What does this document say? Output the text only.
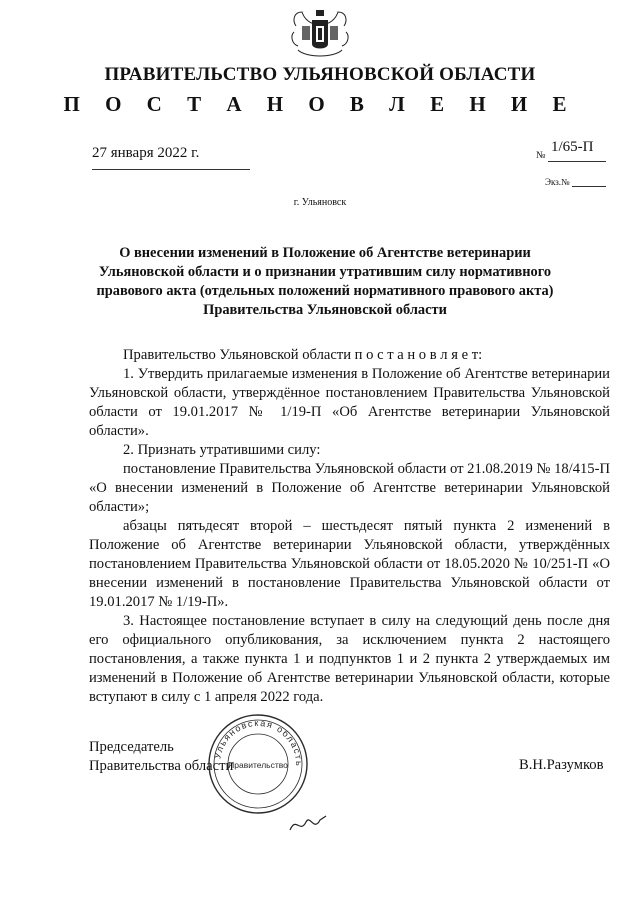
ПРАВИТЕЛЬСТВО УЛЬЯНОВСКОЙ ОБЛАСТИ
П О С Т А Н О В Л Е Н И Е
27 января 2022 г.	№
1/65-П
Экз.№
г. Ульяновск
О внесении изменений в Положение об Агентстве ветеринарии Ульяновской области и о признании утратившим силу нормативного правового акта (отдельных положений нормативного правового акта) Правительства Ульяновской области

Правительство Ульяновской области п о с т а н о в л я е т:

1. Утвердить прилагаемые изменения в Положение об Агентстве ветеринарии Ульяновской области, утверждённое постановлением Правительства Ульяновской области от 19.01.2017 № 1/19-П «Об Агентстве ветеринарии Ульяновской области».

2. Признать утратившими силу:

постановление Правительства Ульяновской области от 21.08.2019 № 18/415-П «О внесении изменений в Положение об Агентстве ветеринарии Ульяновской области»;

абзацы пятьдесят второй – шестьдесят пятый пункта 2 изменений в Положение об Агентстве ветеринарии Ульяновской области, утверждённых постановлением Правительства Ульяновской области от 18.05.2020 № 10/251-П «О внесении изменений в постановление Правительства Ульяновской области от 19.01.2017 № 1/19-П».

3. Настоящее постановление вступает в силу на следующий день после дня его официального опубликования, за исключением пункта 2 настоящего постановления, а также пункта 1 и подпунктов 1 и 2 пункта 2 утверждаемых им изменений в Положение об Агентстве ветеринарии Ульяновской области, которые вступают в силу с 1 апреля 2022 года.

Ульяновская область
Правительство
Председатель
Правительства области	В.Н.Разумков
